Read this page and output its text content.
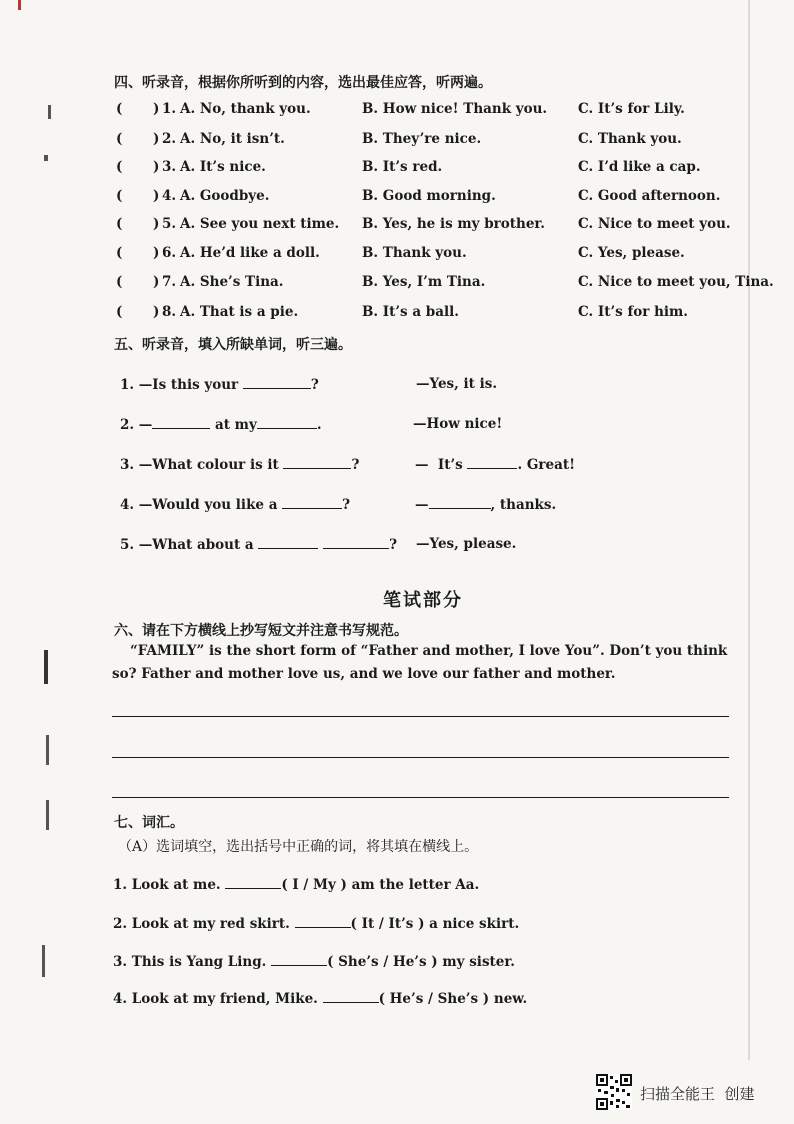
四、听录音，根据你所听到的内容，选出最佳应答，听两遍。
( ) 1. A. No, thank you.	B. How nice! Thank you. C. It’s for Lily.
( ) 2. A. No, it isn’t.	B. They’re nice.	C. Thank you.
( ) 3. A. It’s nice.	B. It’s red.	C. I’d like a cap.
( ) 4. A. Goodbye.	B. Good morning.	C. Good afternoon.
( ) 5. A. See you next time. B. Yes, he is my brother. C. Nice to meet you.
( ) 6. A. He’d like a doll.	B. Thank you.	C. Yes, please.
( ) 7. A. She’s Tina.	B. Yes, I’m Tina.	C. Nice to meet you, Tina.
( ) 8. A. That is a pie.	B. It’s a ball.	C. It’s for him.
五、听录音，填入所缺单词，听三遍。
1. —Is this your	?	—Yes, it is.
2. —	at my	.	—How nice!
3. —What colour is it	?	—  It’s	. Great!
4. —Would you like a	?	—	, thanks.
5. —What about a	? —Yes, please.
笔试部分
六、请在下方横线上抄写短文并注意书写规范。
“FAMILY” is the short form of “Father and mother, I love You”. Don’t you think so? Father and mother love us, and we love our father and mother.
七、词汇。
（A）选词填空，选出括号中正确的词，将其填在横线上。
1. Look at me.	( I / My ) am the letter Aa.
2. Look at my red skirt.	( It / It’s ) a nice skirt.
3. This is Yang Ling.	( She’s / He’s ) my sister.
4. Look at my friend, Mike.	( He’s / She’s ) new.
扫描全能王  创建
